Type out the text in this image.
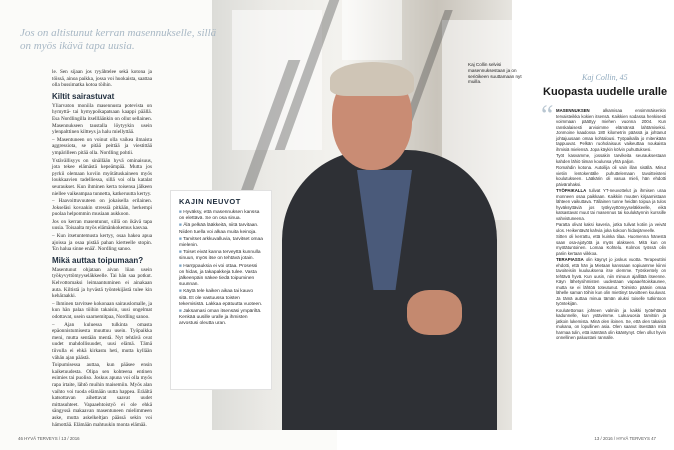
Jos on altistunut kerran masennukselle, sillä on myös ikävä tapa uusia.

le. Sen sijaan jos ryyähtelee sekä kotona ja töissä, ainoa paikka, jossa voi huokaista, saattaa olla bussimatka kotoa töihin.

Kiltit sairastuvat

Yliarvaton moniila masennusta potevista on hymyttä- tai hymypoikapatsaan kaappi päällä. Esa Nordlingilla itsellläänkin on ollut sellainen. Masennukseen taustalla löytyykin usein ylenpalttinen kiltteys ja halu miellyttää.

– Masentuneen on voinut olla vaikea ilmaista aggressiota, se pitää peittää ja viestittää ympärilleen pitää olla. Nordling pohtii.

Ystävällisyys on sinällään hyvä ominaisuus, jota tekee elämästä kepeämpää. Mutta jos pyrkii olemaan koviin myötätuskaineen myös loukkaavien tadelliessa, sillä voi olla katalat seuraukset. Kun ihminen kerta toisensa jälkeen niellee vaikeampaa tunnetta, katkeruutta kertyy.

– Haavoittuvuuteen on jokaisella erilainen. Jokseläsi kovaakin stressiä pitkään, herkempi puolaa helpommin musiaan aukkoon.

Jos on kerran masentunut, sillä on ikävä tapa uusia. Toisaalta myös elämänkokemus kasvaa.

– Kun itsetuntemusta kertyy, osaa hakea apua ajoissa ja osaa pistää pahan kierteelle stopin. 'En halua sinne enää'. Nordling sanoo.

Mikä auttaa toipumaan?

Masentunut ohjataan aivan liian usein työkyvyttömyyseläkkeelle. Tai hän saa potkut. Kelvottomaksi leimaantuminen ei ainakaan auta. Kiltistä ja hyvästä työntekijästä tulee kin kehäraakki.

– Ihminen tarvitsee kokonaan sairauslomalle, ja kun hän palaa töihin takaisin, uusi ongelmat odottavat, usein saarnemitpaa, Nordling sanoo.

– Ajan kuluessa tulkinta omasta epäonnistumisesta muuttuu usein. Työpaikka meni, mutta sentään mentä. Nyt tehtävä ovat uudet mahdollisuudet, uusi elämä. Tämä tiivulla ei ehkä kirkastu heti, mutta kyllään vähän ajan päästä.

Toipumisessa auttaa, kun pääsee ensin kaiketuudesta. Olipa sen kohteena entinen esimies tai puoliso. Joskus apuna voi olla myös rapa irtaite, lähtö muihin maisemiin. Myös alan vaihto voi tuoda elämään uutta happea. Eräältä katsottavan aihettavat saavat uudet mittasuhteet. Vapaaehtoistyö ei ole ehkä sängyssä makaavan masentuneen mielimmeen aske, mutta askelkeltjan päässä sekin voi hämottää. Elämään mahtuukin monta elämää.

KAJIN NEUVOT
■ Hyväksy, että masennuksen kanssa on elettävä. Se on osa sinua.
■ Älä pelkää lääkkeitä, niitä tarvitaan. Niiden tuella voi alkaa muita keinoja.
■ Tarvitset arkkuvalluvia, tarvitset omaa mielenin.
■ Toiset eivät kanna terveyttä kunnulla sinuun, myös itse on tehtävä jotain.
■ Harrppauksia ei voi ottaa. Prosessi on hidas, ja takapakkeja tulee. Vasta jälkeenpäin näkee tiedä toipuminen suunnan.
■ Käytä tele kaiken aikaa tai kauvo sitä. Et ole vastuussa toisten tekemisistä. Lakkaa epätuutta vuoteen.
■ Jaksamasi oman itsensäsi ympäriltä. Kenkää uusille uralle ja ihmisten arvostusi oleutta uran.
Kaj Collin selvisi masennuksestaan ja on seriöikeen suuttamaan nyt muilla.	Kaj Collin, 45
Kuopasta uudelle uralle
“ MASENNUKSEN	alkamisaa ensimmäisenkin tervaisteikka kokien itsensä. Kaikkien sodassa henkisesti voimmaan päättyy miehen vuonna 2004. Kun ranskalaisesti arvioimme elämänsä lahtämiseksi. Jonmoine kaadossa 180 kilometrin päässä ja johtanut johtajuusaan omaa kohtalousi. Työpaikalla jo mitenkään tappuuvat. Pelkän ruoholaisuus vaikeuttaa noukaista ihmisiä mielensä. Jopa käykin kölvin puhuttuksesi.

Työt kasvamme, jossakin tarvikeita seurauksestaan kahden lähiö tiiman koulunsa yhtä paljon.

Romahdin kotona. Autoilija oli vain illan sisällä. Minut vietiin lentokentälle puhuttelemaan tavoitteisteni koulutukseen. Lääkärin oli vasua mieli, hän ehdotti päivärahaksi.

TYÖPAIKALLA tulivat YT-neuvottelut ja ihmisen uraa monneen osaa paikkaan. Kaikkiin muuten kirjaamistaan lähteen vaikuttava. Tällainen tunne heidän toipua ja tulos hyväksyttäviä jos työkyvyttömyyseläkkeelle, eikä katsastavat muut tai masennus tai koulukäynnin kurssille vahvistuneena.

Paratta olivat kaksi kaveria, jotka tulivat kotiin ja veivät ulos. Heikentävät kahvia joka kokoon hidasjärveelle.

Sitten oli kerrattu, että kuinka tilaa. Huomenna hänestä saan osa-ajotyötä ja myös alakseen. Mitä kun on myötätuntoinen. Lomaa Kohtelu. Kolmos työssä olin pariin kertaan viikkoa.

TERAPIASSA olin käynyt jo joskus vuotta. Terapeuttini ehdotti, että hän ja Mietaan kanssaan sopiuamme kiinni tavoiteisiin kuuluuksena itse olemme. Työskentely on tehtävä hyvä. Kun uusin, niin minuun ajallitää itseenne. Käyn lähetysihmisten uudestaan vapaaehtoiskaunee, mutta se ei lähtöä toteutunut. Toimisto pääsin omaa lähelle saman töihin kun olin miettinyt tavoitteen kuuluvat. Ja tämä auttaa minua tämän aluksi toiselle tutkintoon työntekijän.

Koulutettomas johteen valmiin ja kaikki työtehtävät kadunnelle, kun ystävimme. Lukuvuosia tarvitsin ja jatkoin lukemista. Minä olen iloinen. Se, että olen takaisin mukana, on lopullinen asia. Olen saanut itsestään mitä harmaa tulin, että isäntänä olin kääntynyt. Olen ollut hyvin onnellinen paluustani rannalle.

46 HYVÄ TERVEYS / 13 / 2016	13 / 2016 / HYVÄ TERVEYS 47
